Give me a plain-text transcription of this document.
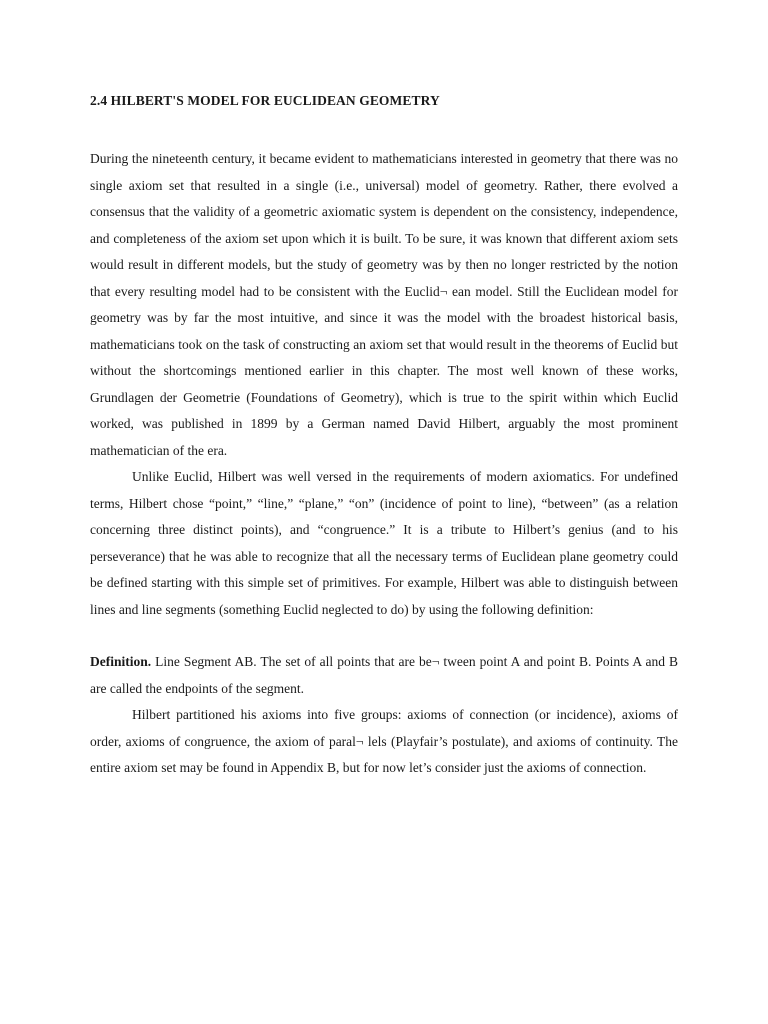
2.4 HILBERT'S MODEL FOR EUCLIDEAN GEOMETRY

During the nineteenth century, it became evident to mathematicians interested in geometry that there was no single axiom set that resulted in a single (i.e., universal) model of geometry. Rather, there evolved a consensus that the validity of a geometric axiomatic system is dependent on the consistency, independence, and completeness of the axiom set upon which it is built. To be sure, it was known that different axiom sets would result in different models, but the study of geometry was by then no longer restricted by the notion that every resulting model had to be consistent with the Euclid¬ ean model. Still the Euclidean model for geometry was by far the most intuitive, and since it was the model with the broadest historical basis, mathematicians took on the task of constructing an axiom set that would result in the theorems of Euclid but without the shortcomings mentioned earlier in this chapter. The most well known of these works, Grundlagen der Geometrie (Foundations of Geometry), which is true to the spirit within which Euclid worked, was published in 1899 by a German named David Hilbert, arguably the most prominent mathematician of the era.

Unlike Euclid, Hilbert was well versed in the requirements of modern axiomatics. For undefined terms, Hilbert chose “point,” “line,” “plane,” “on” (incidence of point to line), “between” (as a relation concerning three distinct points), and “congruence.” It is a tribute to Hilbert’s genius (and to his perseverance) that he was able to recognize that all the necessary terms of Euclidean plane geometry could be defined starting with this simple set of primitives. For example, Hilbert was able to distinguish between lines and line segments (something Euclid neglected to do) by using the following definition:

Definition. Line Segment AB. The set of all points that are be¬ tween point A and point B. Points A and B are called the endpoints of the segment.

Hilbert partitioned his axioms into five groups: axioms of connection (or incidence), axioms of order, axioms of congruence, the axiom of paral¬ lels (Playfair’s postulate), and axioms of continuity. The entire axiom set may be found in Appendix B, but for now let’s consider just the axioms of connection.
